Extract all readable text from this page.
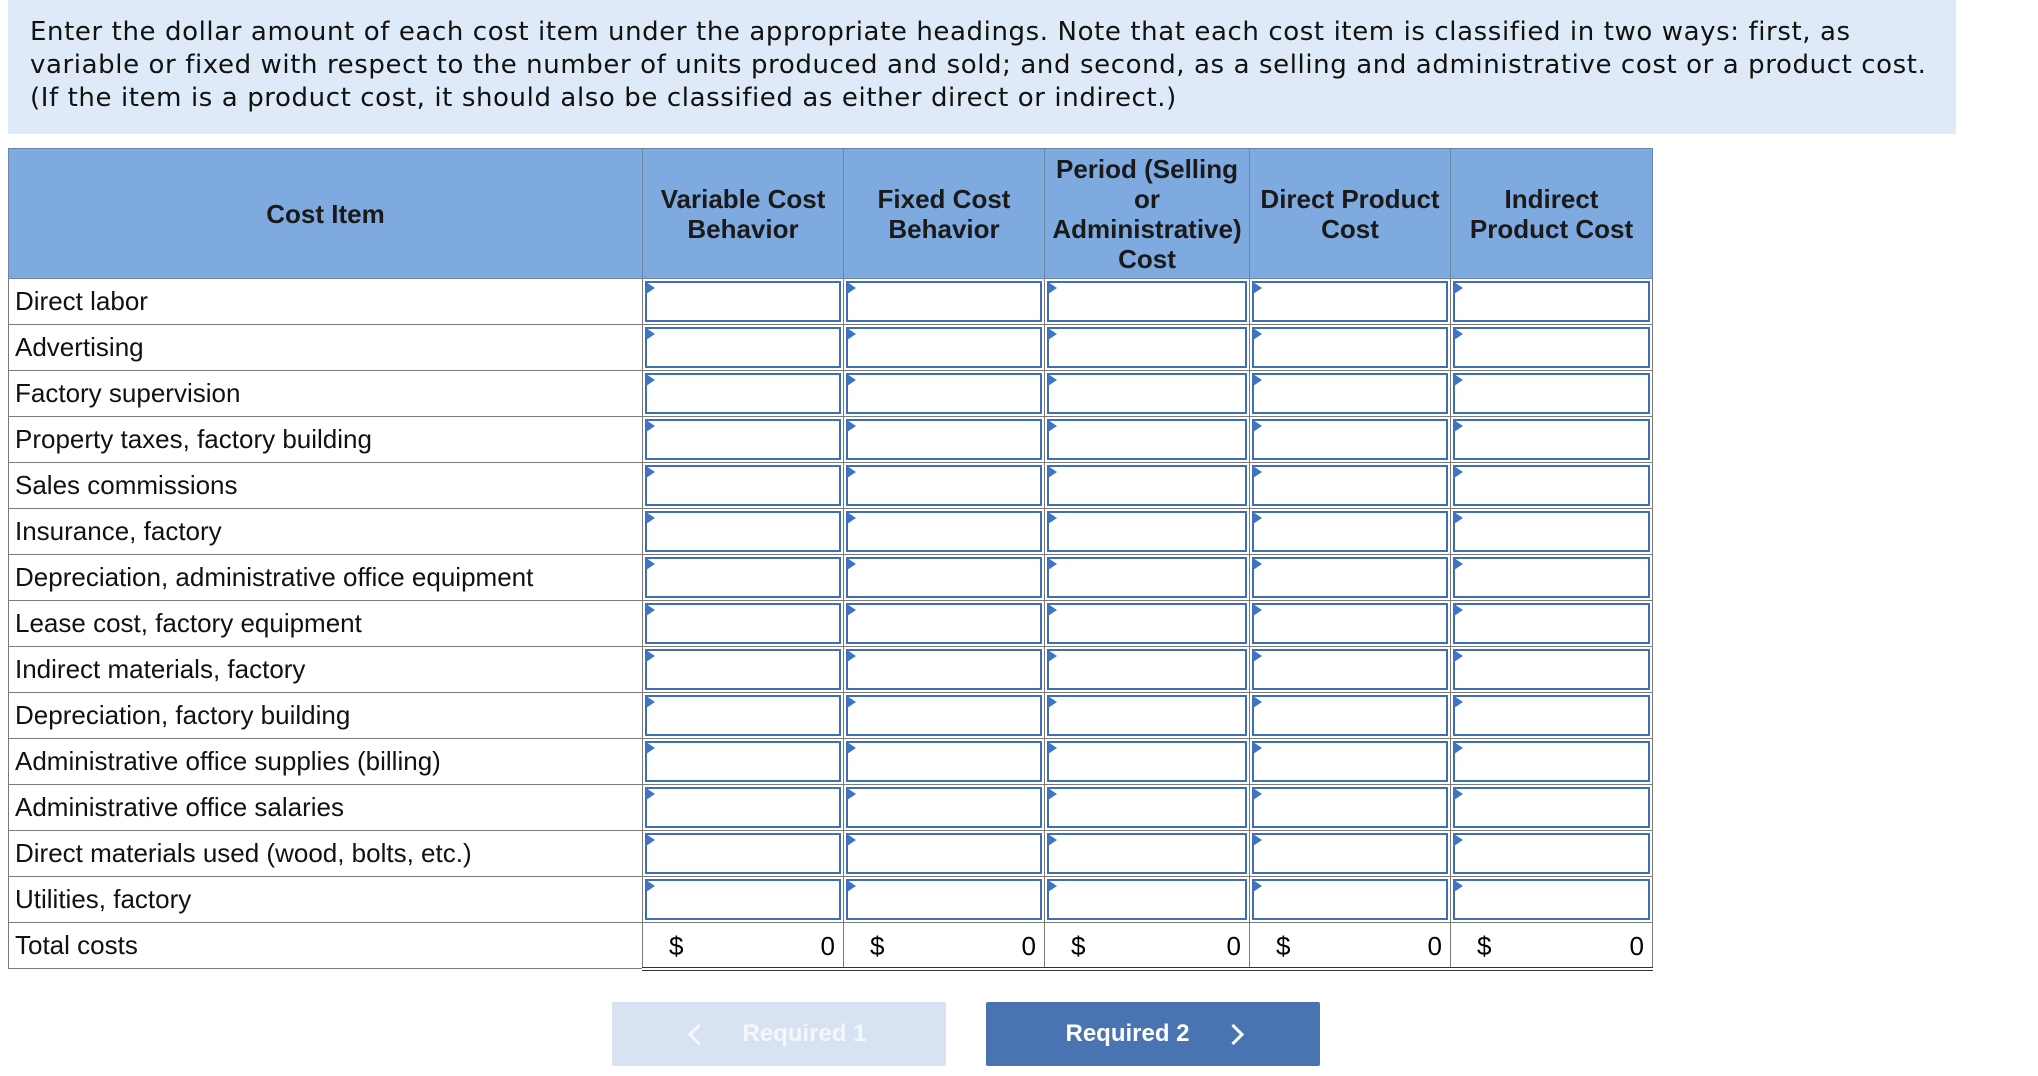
Enter the dollar amount of each cost item under the appropriate headings. Note that each cost item is classified in two ways: first, as variable or fixed with respect to the number of units produced and sold; and second, as a selling and administrative cost or a product cost. (If the item is a product cost, it should also be classified as either direct or indirect.)
Cost Item	Variable Cost Behavior	Fixed Cost Behavior	Period (Selling or Administrative) Cost	Direct Product Cost	Indirect Product Cost
Direct labor	

Advertising	

Factory supervision	

Property taxes, factory building	

Sales commissions	

Insurance, factory	

Depreciation, administrative office equipment	

Lease cost, factory equipment	

Indirect materials, factory	

Depreciation, factory building	

Administrative office supplies (billing)	

Administrative office salaries	

Direct materials used (wood, bolts, etc.)	

Utilities, factory	

Total costs	$ 0	$ 0	$ 0	$ 0	$ 0
Required 1	Required 2
